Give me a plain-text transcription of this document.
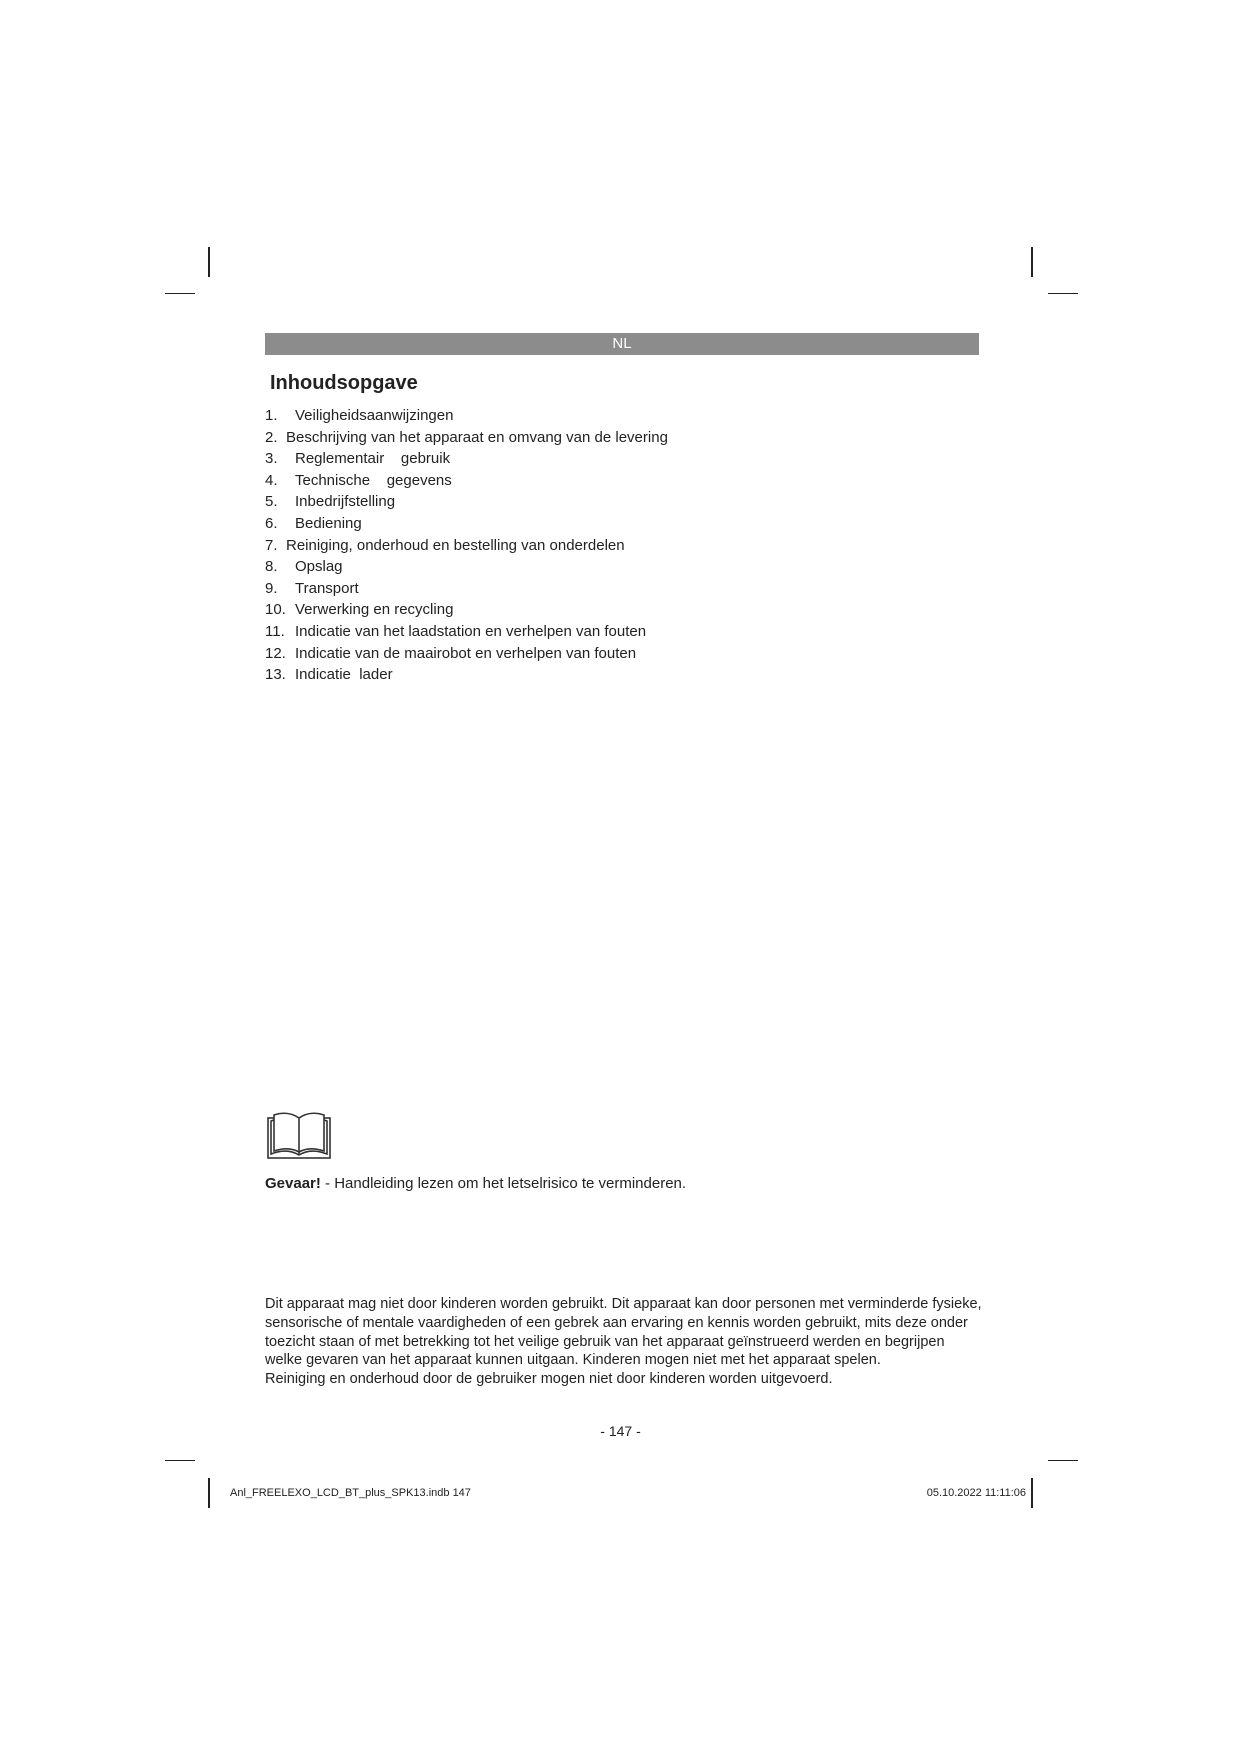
NL
Inhoudsopgave
1.	Veiligheidsaanwijzingen
2. Beschrijving van het apparaat en omvang van de levering
3.	Reglementair    gebruik
4.	Technische    gegevens
5.	Inbedrijfstelling
6.	Bediening
7. Reiniging, onderhoud en bestelling van onderdelen
8.	Opslag
9.	Transport
10. Verwerking en recycling
11. Indicatie van het laadstation en verhelpen van fouten
12. Indicatie van de maairobot en verhelpen van fouten
13. Indicatie  lader

Gevaar! - Handleiding lezen om het letselrisico te verminderen.

Dit apparaat mag niet door kinderen worden gebruikt. Dit apparaat kan door personen met verminderde fysieke, sensorische of mentale vaardigheden of een gebrek aan ervaring en kennis worden gebruikt, mits deze onder toezicht staan of met betrekking tot het veilige gebruik van het apparaat geïnstrueerd werden en begrijpen welke gevaren van het apparaat kunnen uitgaan. Kinderen mogen niet met het apparaat spelen.
Reiniging en onderhoud door de gebruiker mogen niet door kinderen worden uitgevoerd.

- 147 -
Anl_FREELEXO_LCD_BT_plus_SPK13.indb 147	05.10.2022 11:11:06
